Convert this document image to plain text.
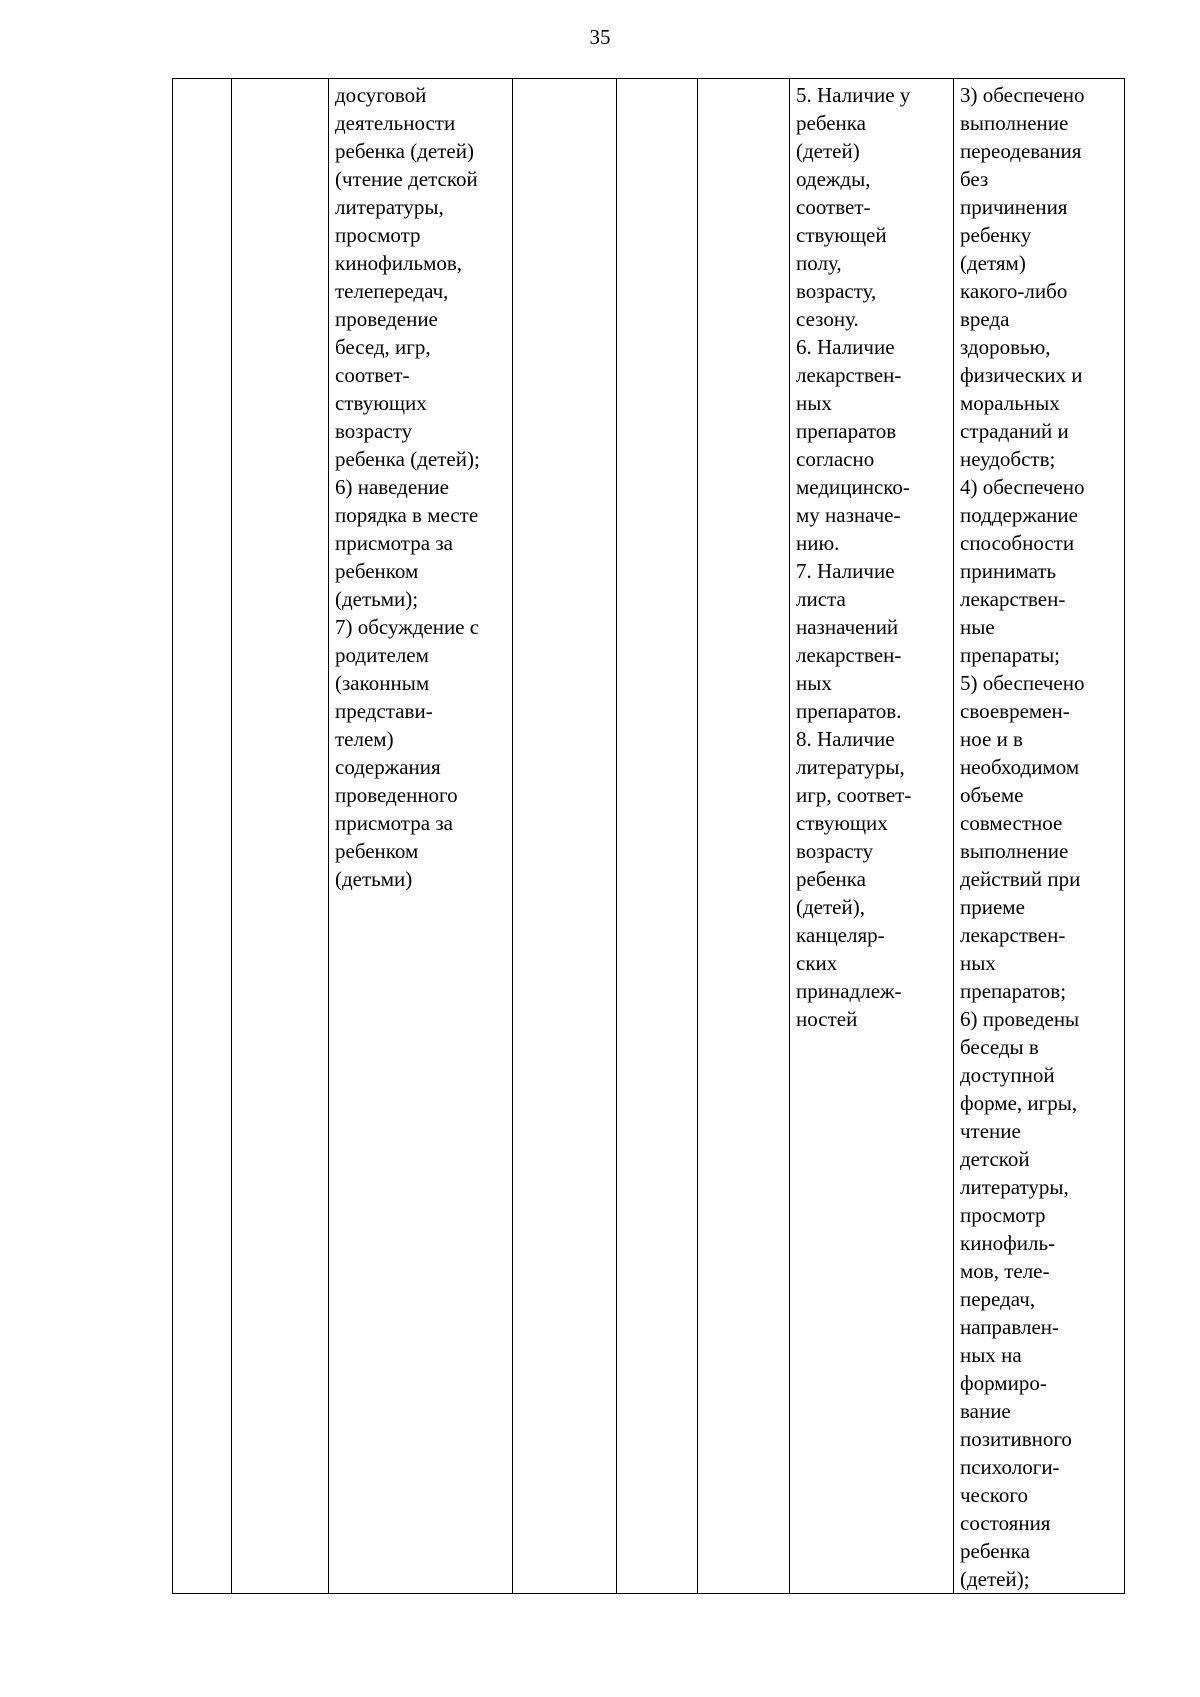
35
		досуговой
деятельности
ребенка (детей)
(чтение детской
литературы,
просмотр
кинофильмов,
телепередач,
проведение
бесед, игр,
соответ-
ствующих
возрасту
ребенка (детей);
6) наведение
порядка в месте
присмотра за
ребенком
(детьми);
7) обсуждение с
родителем
(законным
представи-
телем)
содержания
проведенного
присмотра за
ребенком
(детьми)				5. Наличие у
ребенка
(детей)
одежды,
соответ-
ствующей
полу,
возрасту,
сезону.
6. Наличие
лекарствен-
ных
препаратов
согласно
медицинско-
му назначе-
нию.
7. Наличие
листа
назначений
лекарствен-
ных
препаратов.
8. Наличие
литературы,
игр, соответ-
ствующих
возрасту
ребенка
(детей),
канцеляр-
ских
принадлеж-
ностей	3) обеспечено
выполнение
переодевания
без
причинения
ребенку
(детям)
какого-либо
вреда
здоровью,
физических и
моральных
страданий и
неудобств;
4) обеспечено
поддержание
способности
принимать
лекарствен-
ные
препараты;
5) обеспечено
своевремен-
ное и в
необходимом
объеме
совместное
выполнение
действий при
приеме
лекарствен-
ных
препаратов;
6) проведены
беседы в
доступной
форме, игры,
чтение
детской
литературы,
просмотр
кинофиль-
мов, теле-
передач,
направлен-
ных на
формиро-
вание
позитивного
психологи-
ческого
состояния
ребенка
(детей);
